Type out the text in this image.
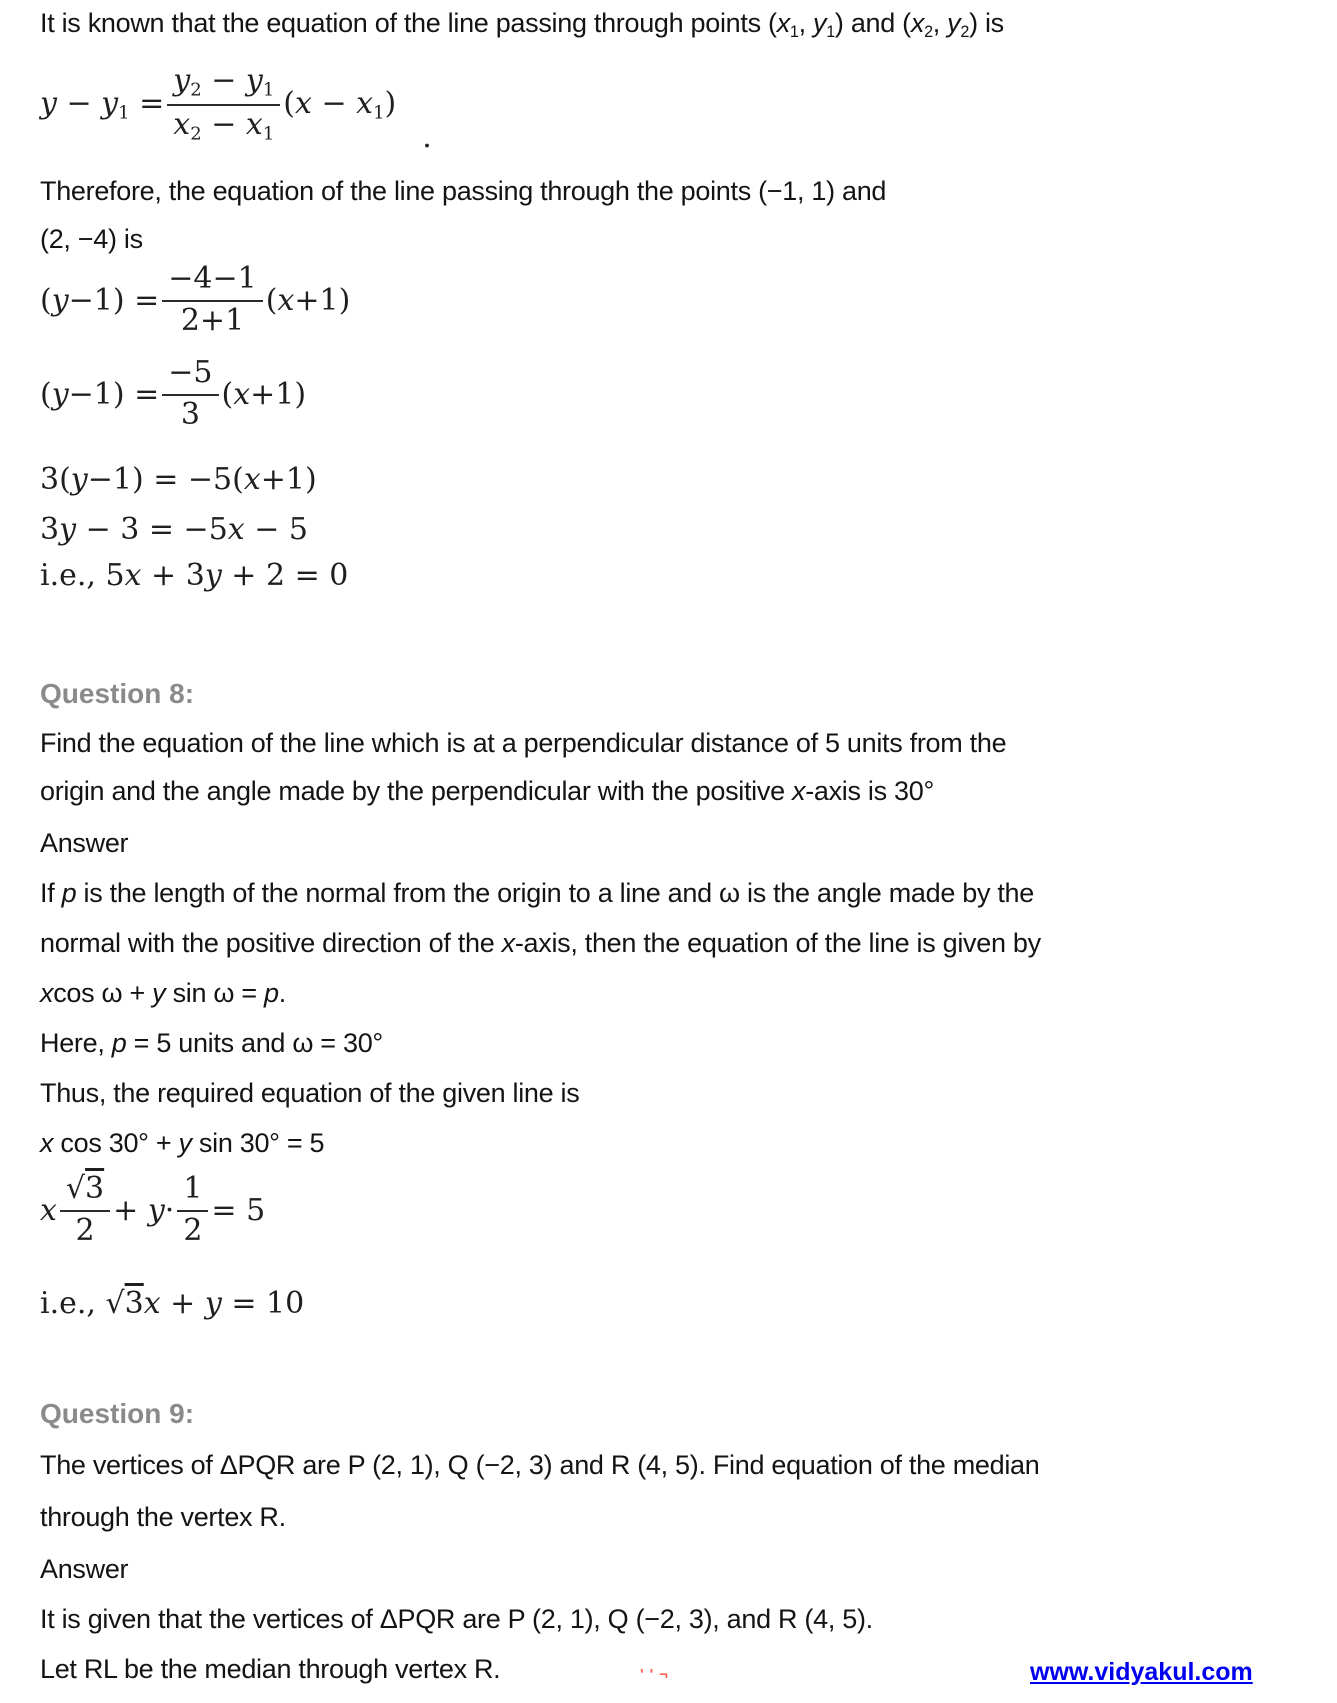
It is known that the equation of the line passing through points (x1, y1) and (x2, y2) is
$y - y1 = \frac{y2 - y1}{x2 - x1} (x - x1)$
.
Therefore, the equation of the line passing through the points (−1, 1) and
(2, −4) is
$(y-1) = \frac{-4-1}{2+1} (x+1)$
$(y-1) = \frac{-5}{3} (x+1)$
3(y−1) = −5(x+1)
3y − 3 = −5x − 5
i.e., 5x + 3y + 2 = 0
Question 8:
Find the equation of the line which is at a perpendicular distance of 5 units from the
origin and the angle made by the perpendicular with the positive x-axis is 30°
Answer
If p is the length of the normal from the origin to a line and ω is the angle made by the
normal with the positive direction of the x-axis, then the equation of the line is given by
xcos ω + y sin ω = p.
Here, p = 5 units and ω = 30°
Thus, the required equation of the given line is
x cos 30° + y sin 30° = 5
x $\frac{√3}{2} + y\cdot \frac{1}{2} = 5$
i.e., √3x + y = 10
Question 9:
The vertices of ΔPQR are P (2, 1), Q (−2, 3) and R (4, 5). Find equation of the median
through the vertex R.
Answer
It is given that the vertices of ΔPQR are P (2, 1), Q (−2, 3), and R (4, 5).
Let RL be the median through vertex R.	''¬	www.vidyakul.com
